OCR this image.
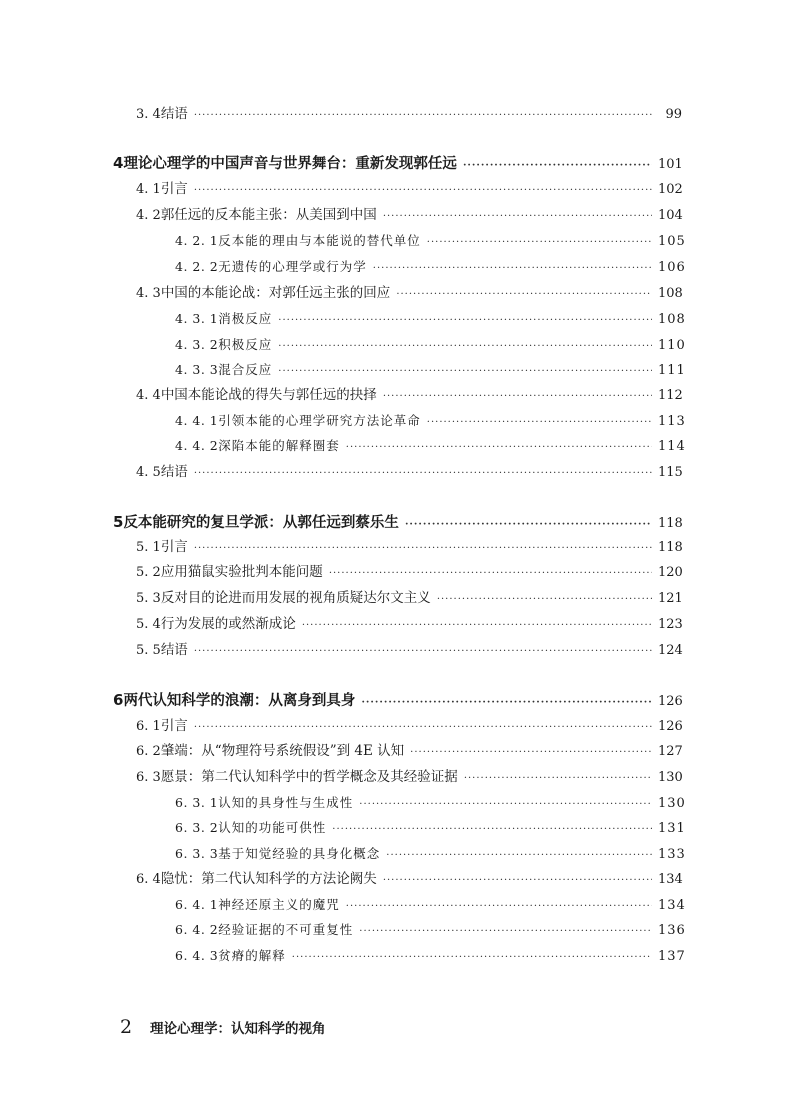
3. 4 结语 ·····	99
4 理论心理学的中国声音与世界舞台：重新发现郭任远 ·····	101
4. 1 引言 ·····	102
4. 2 郭任远的反本能主张：从美国到中国 ·····	104
4. 2. 1 反本能的理由与本能说的替代单位 ·····	105
4. 2. 2 无遗传的心理学或行为学 ·····	106
4. 3 中国的本能论战：对郭任远主张的回应 ·····	108
4. 3. 1 消极反应 ·····	108
4. 3. 2 积极反应 ·····	110
4. 3. 3 混合反应 ·····	111
4. 4 中国本能论战的得失与郭任远的抉择 ·····	112
4. 4. 1 引领本能的心理学研究方法论革命 ·····	113
4. 4. 2 深陷本能的解释圈套 ·····	114
4. 5 结语 ·····	115
5 反本能研究的复旦学派：从郭任远到蔡乐生 ·····	118
5. 1 引言 ·····	118
5. 2 应用猫鼠实验批判本能问题 ·····	120
5. 3 反对目的论进而用发展的视角质疑达尔文主义 ·····	121
5. 4 行为发展的或然渐成论 ·····	123
5. 5 结语 ·····	124
6 两代认知科学的浪潮：从离身到具身 ·····	126
6. 1 引言 ·····	126
6. 2 肇端：从“物理符号系统假设”到 4E 认知 ·····	127
6. 3 愿景：第二代认知科学中的哲学概念及其经验证据 ·····	130
6. 3. 1 认知的具身性与生成性 ·····	130
6. 3. 2 认知的功能可供性 ·····	131
6. 3. 3 基于知觉经验的具身化概念 ·····	133
6. 4 隐忧：第二代认知科学的方法论阙失 ·····	134
6. 4. 1 神经还原主义的魔咒 ·····	134
6. 4. 2 经验证据的不可重复性 ·····	136
6. 4. 3 贫瘠的解释 ·····	137
2	理论心理学：认知科学的视角
